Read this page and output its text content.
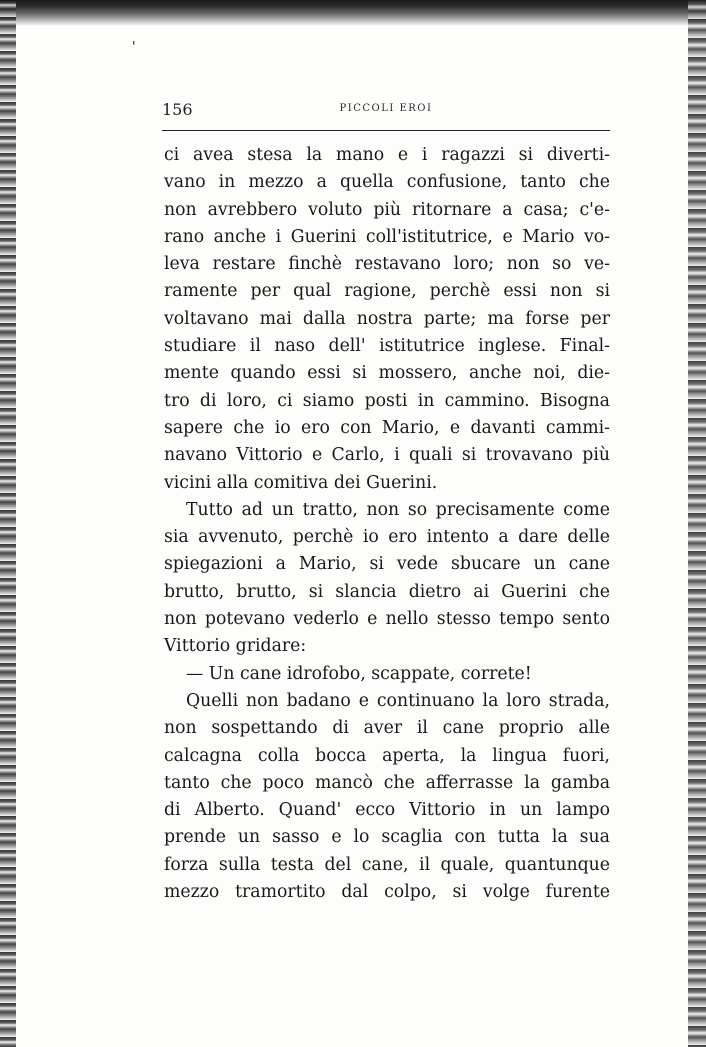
'
156	PICCOLI EROI
ci avea stesa la mano e i ragazzi si diverti-
vano in mezzo a quella confusione, tanto che
non avrebbero voluto più ritornare a casa; c'e-
rano anche i Guerini coll'istitutrice, e Mario vo-
leva restare finchè restavano loro; non so ve-
ramente per qual ragione, perchè essi non si
voltavano mai dalla nostra parte; ma forse per
studiare il naso dell' istitutrice inglese. Final-
mente quando essi si mossero, anche noi, die-
tro di loro, ci siamo posti in cammino. Bisogna
sapere che io ero con Mario, e davanti cammi-
navano Vittorio e Carlo, i quali si trovavano più
vicini alla comitiva dei Guerini.
Tutto ad un tratto, non so precisamente come
sia avvenuto, perchè io ero intento a dare delle
spiegazioni a Mario, si vede sbucare un cane
brutto, brutto, si slancia dietro ai Guerini che
non potevano vederlo e nello stesso tempo sento
Vittorio gridare:
— Un cane idrofobo, scappate, correte!
Quelli non badano e continuano la loro strada,
non sospettando di aver il cane proprio alle
calcagna colla bocca aperta, la lingua fuori,
tanto che poco mancò che afferrasse la gamba
di Alberto. Quand' ecco Vittorio in un lampo
prende un sasso e lo scaglia con tutta la sua
forza sulla testa del cane, il quale, quantunque
mezzo tramortito dal colpo, si volge furente
